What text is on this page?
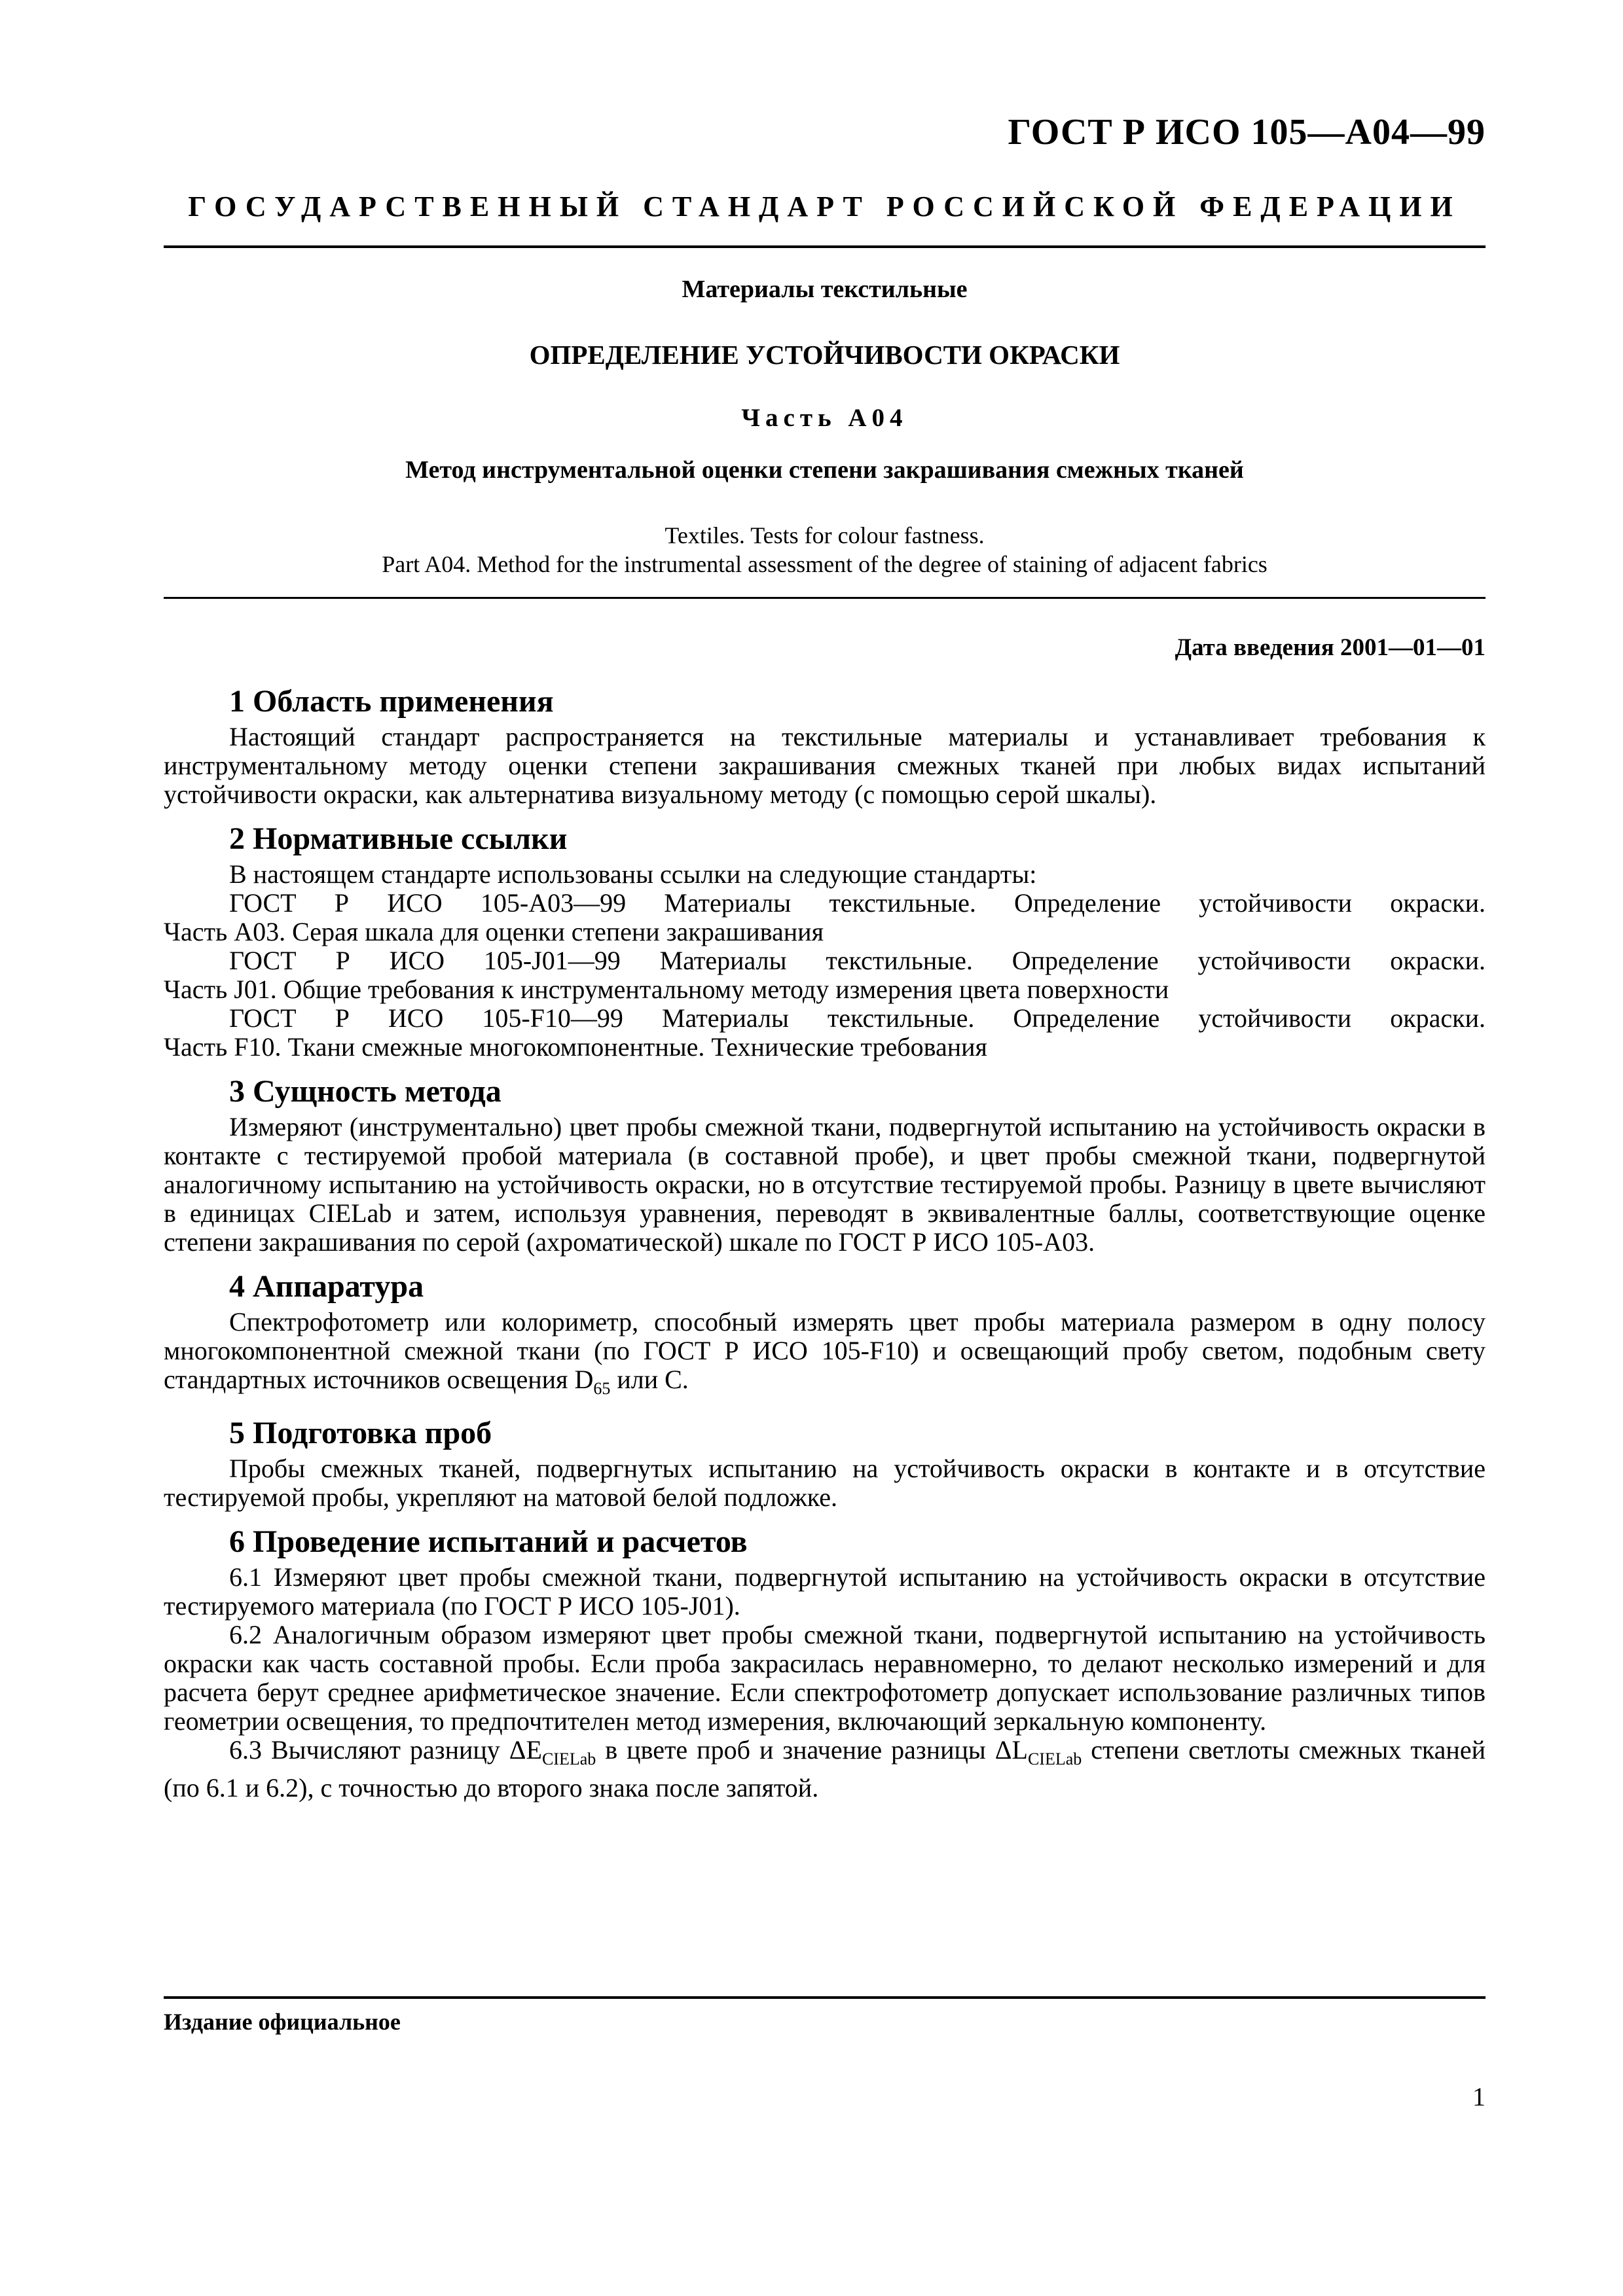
ГОСТ Р ИСО 105—А04—99
ГОСУДАРСТВЕННЫЙ СТАНДАРТ РОССИЙСКОЙ ФЕДЕРАЦИИ
Материалы текстильные
ОПРЕДЕЛЕНИЕ УСТОЙЧИВОСТИ ОКРАСКИ
Часть А04
Метод инструментальной оценки степени закрашивания смежных тканей
Textiles. Tests for colour fastness.
Part A04. Method for the instrumental assessment of the degree of staining of adjacent fabrics
Дата введения 2001—01—01
1 Область применения

Настоящий стандарт распространяется на текстильные материалы и устанавливает требования к инструментальному методу оценки степени закрашивания смежных тканей при любых видах испытаний устойчивости окраски, как альтернатива визуальному методу (с помощью серой шкалы).

2 Нормативные ссылки

В настоящем стандарте использованы ссылки на следующие стандарты:

ГОСТ Р ИСО 105-А03—99 Материалы текстильные. Определение устойчивости окраски.

Часть А03. Серая шкала для оценки степени закрашивания

ГОСТ Р ИСО 105-J01—99 Материалы текстильные. Определение устойчивости окраски.

Часть J01. Общие требования к инструментальному методу измерения цвета поверхности

ГОСТ Р ИСО 105-F10—99 Материалы текстильные. Определение устойчивости окраски.

Часть F10. Ткани смежные многокомпонентные. Технические требования

3 Сущность метода

Измеряют (инструментально) цвет пробы смежной ткани, подвергнутой испытанию на устойчивость окраски в контакте с тестируемой пробой материала (в составной пробе), и цвет пробы смежной ткани, подвергнутой аналогичному испытанию на устойчивость окраски, но в отсутствие тестируемой пробы. Разницу в цвете вычисляют в единицах CIELab и затем, используя уравнения, переводят в эквивалентные баллы, соответствующие оценке степени закрашивания по серой (ахроматической) шкале по ГОСТ Р ИСО 105-А03.

4 Аппаратура

Спектрофотометр или колориметр, способный измерять цвет пробы материала размером в одну полосу многокомпонентной смежной ткани (по ГОСТ Р ИСО 105-F10) и освещающий пробу светом, подобным свету стандартных источников освещения $D_{65}$ или С.

5 Подготовка проб

Пробы смежных тканей, подвергнутых испытанию на устойчивость окраски в контакте и в отсутствие тестируемой пробы, укрепляют на матовой белой подложке.

6 Проведение испытаний и расчетов

6.1 Измеряют цвет пробы смежной ткани, подвергнутой испытанию на устойчивость окраски в отсутствие тестируемого материала (по ГОСТ Р ИСО 105-J01).

6.2 Аналогичным образом измеряют цвет пробы смежной ткани, подвергнутой испытанию на устойчивость окраски как часть составной пробы. Если проба закрасилась неравномерно, то делают несколько измерений и для расчета берут среднее арифметическое значение. Если спектрофотометр допускает использование различных типов геометрии освещения, то предпочтителен метод измерения, включающий зеркальную компоненту.

6.3 Вычисляют разницу $\Delta E_{CIELab}$ в цвете проб и значение разницы $\Delta L_{CIELab}$ степени светлоты смежных тканей (по 6.1 и 6.2), с точностью до второго знака после запятой.

Издание официальное
1
